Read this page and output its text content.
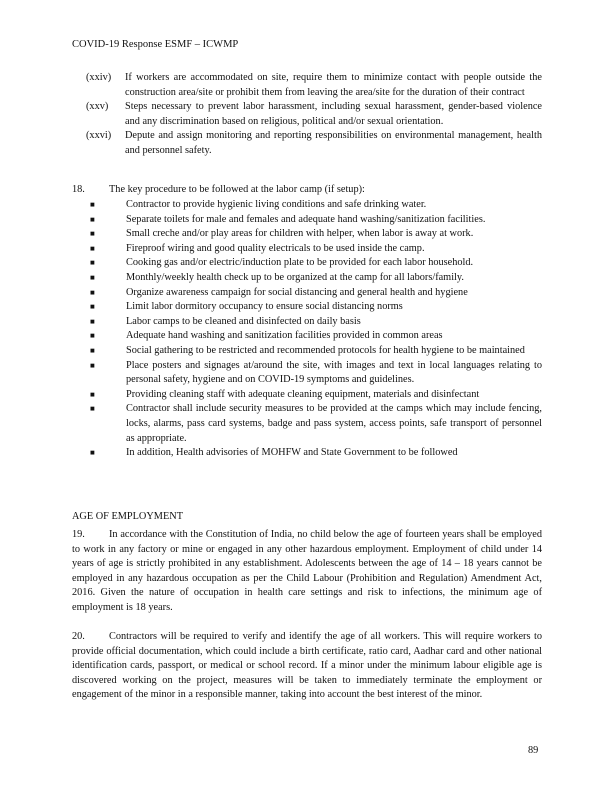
COVID-19 Response ESMF – ICWMP
(xxiv) If workers are accommodated on site, require them to minimize contact with people outside the construction area/site or prohibit them from leaving the area/site for the duration of their contract
(xxv) Steps necessary to prevent labor harassment, including sexual harassment, gender-based violence and any discrimination based on religious, political and/or sexual orientation.
(xxvi) Depute and assign monitoring and reporting responsibilities on environmental management, health and personnel safety.
18. The key procedure to be followed at the labor camp (if setup):
■	Contractor to provide hygienic living conditions and safe drinking water.
■	Separate toilets for male and females and adequate hand washing/sanitization facilities.
■	Small creche and/or play areas for children with helper, when labor is away at work.
■	Fireproof wiring and good quality electricals to be used inside the camp.
■	Cooking gas and/or electric/induction plate to be provided for each labor household.
■	Monthly/weekly health check up to be organized at the camp for all labors/family.
■	Organize awareness campaign for social distancing and general health and hygiene
■	Limit labor dormitory occupancy to ensure social distancing norms
■	Labor camps to be cleaned and disinfected on daily basis
■	Adequate hand washing and sanitization facilities provided in common areas
■	Social gathering to be restricted and recommended protocols for health hygiene to be maintained
■	Place posters and signages at/around the site, with images and text in local languages relating to personal safety, hygiene and on COVID-19 symptoms and guidelines.
■	Providing cleaning staff with adequate cleaning equipment, materials and disinfectant
■	Contractor shall include security measures to be provided at the camps which may include fencing, locks, alarms, pass card systems, badge and pass system, access points, safe transport of personnel as appropriate.
■	In addition, Health advisories of MOHFW and State Government to be followed
AGE OF EMPLOYMENT
19. In accordance with the Constitution of India, no child below the age of fourteen years shall be employed to work in any factory or mine or engaged in any other hazardous employment. Employment of child under 14 years of age is strictly prohibited in any establishment. Adolescents between the age of 14 – 18 years cannot be employed in any hazardous occupation as per the Child Labour (Prohibition and Regulation) Amendment Act, 2016. Given the nature of occupation in health care settings and risk to infections, the minimum age of employment is 18 years.
20. Contractors will be required to verify and identify the age of all workers. This will require workers to provide official documentation, which could include a birth certificate, ratio card, Aadhar card and other national identification cards, passport, or medical or school record. If a minor under the minimum labour eligible age is discovered working on the project, measures will be taken to immediately terminate the employment or engagement of the minor in a responsible manner, taking into account the best interest of the minor.
89
